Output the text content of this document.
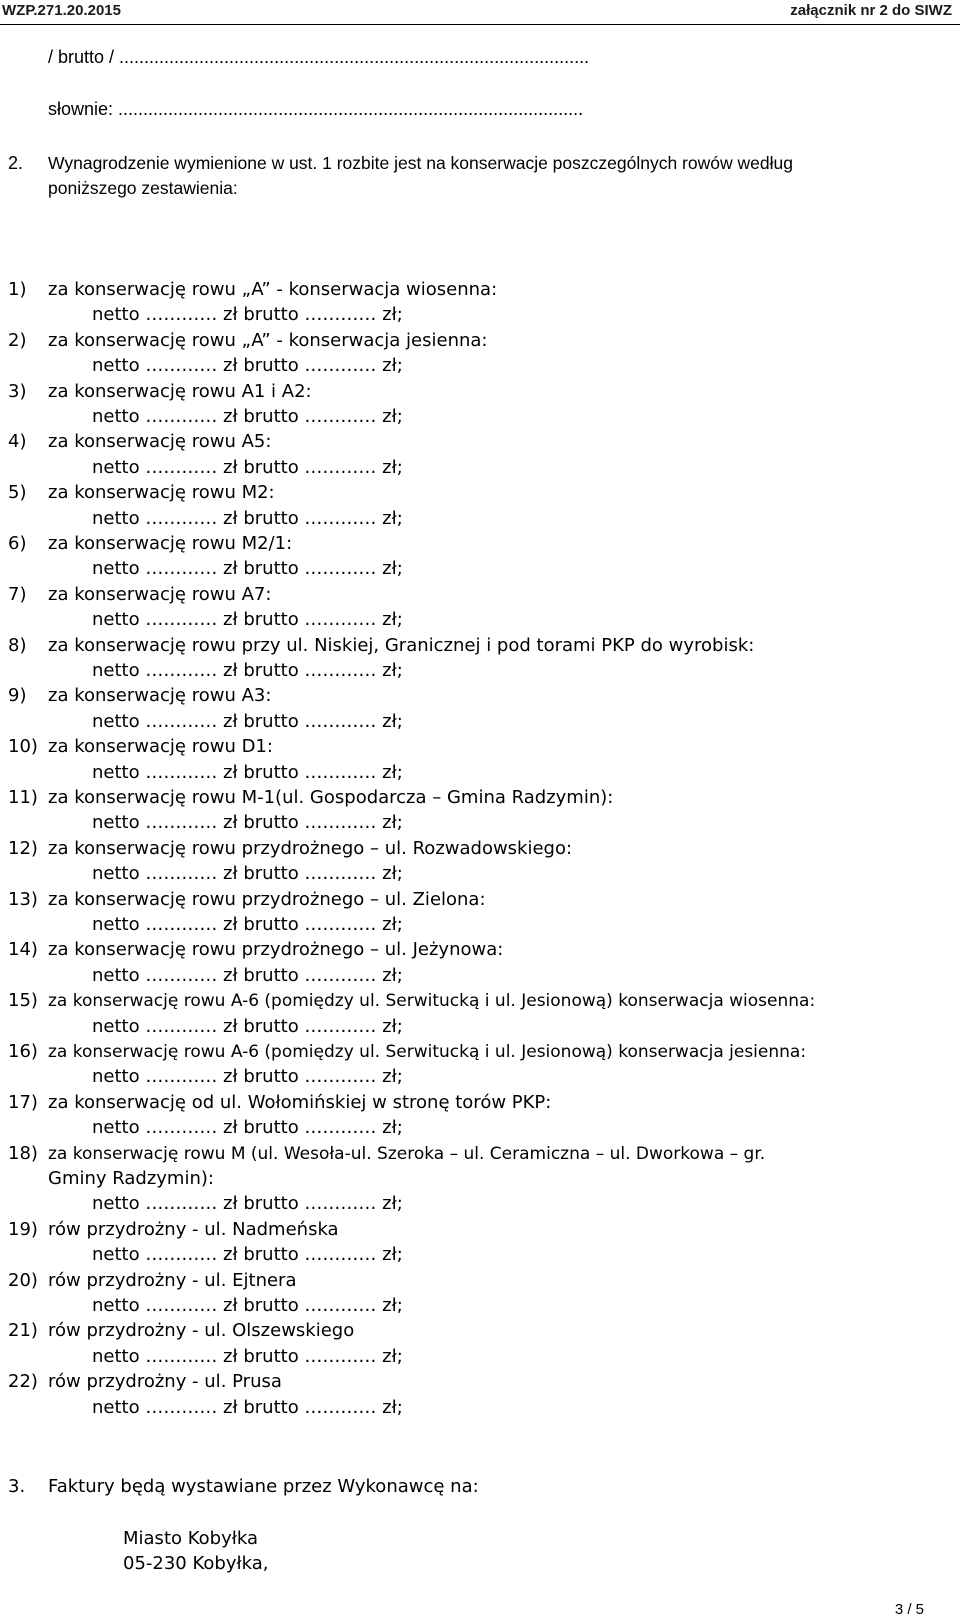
WZP.271.20.2015	załącznik nr 2 do SIWZ
/ brutto / ..............................................................................................
słownie: .............................................................................................
2. Wynagrodzenie wymienione w ust. 1 rozbite jest na konserwacje poszczególnych rowów według
poniższego zestawienia:
1) za konserwację rowu „A” - konserwacja wiosenna:
netto ………… zł brutto ………… zł;
2) za konserwację rowu „A” - konserwacja jesienna:
netto ………… zł brutto ………… zł;
3) za konserwację rowu A1 i A2:
netto ………… zł brutto ………… zł;
4) za konserwację rowu A5:
netto ………… zł brutto ………… zł;
5) za konserwację rowu M2:
netto ………… zł brutto ………… zł;
6) za konserwację rowu M2/1:
netto ………… zł brutto ………… zł;
7) za konserwację rowu A7:
netto ………… zł brutto ………… zł;
8) za konserwację rowu przy ul. Niskiej, Granicznej i pod torami PKP do wyrobisk:
netto ………… zł brutto ………… zł;
9) za konserwację rowu A3:
netto ………… zł brutto ………… zł;
10) za konserwację rowu D1:
netto ………… zł brutto ………… zł;
11) za konserwację rowu M-1(ul. Gospodarcza – Gmina Radzymin):
netto ………… zł brutto ………… zł;
12) za konserwację rowu przydrożnego – ul. Rozwadowskiego:
netto ………… zł brutto ………… zł;
13) za konserwację rowu przydrożnego – ul. Zielona:
netto ………… zł brutto ………… zł;
14) za konserwację rowu przydrożnego – ul. Jeżynowa:
netto ………… zł brutto ………… zł;
15) za konserwację rowu A-6 (pomiędzy ul. Serwitucką i ul. Jesionową) konserwacja wiosenna:
netto ………… zł brutto ………… zł;
16) za konserwację rowu A-6 (pomiędzy ul. Serwitucką i ul. Jesionową) konserwacja jesienna:
netto ………… zł brutto ………… zł;
17) za konserwację od ul. Wołomińskiej w stronę torów PKP:
netto ………… zł brutto ………… zł;
18) za konserwację rowu M (ul. Wesoła-ul. Szeroka – ul. Ceramiczna – ul. Dworkowa – gr.
Gminy Radzymin):
netto ………… zł brutto ………… zł;
19) rów przydrożny - ul. Nadmeńska
netto ………… zł brutto ………… zł;
20) rów przydrożny - ul. Ejtnera
netto ………… zł brutto ………… zł;
21) rów przydrożny - ul. Olszewskiego
netto ………… zł brutto ………… zł;
22) rów przydrożny - ul. Prusa
netto ………… zł brutto ………… zł;
3. Faktury będą wystawiane przez Wykonawcę na:
Miasto Kobyłka
05-230 Kobyłka,
3 / 5
